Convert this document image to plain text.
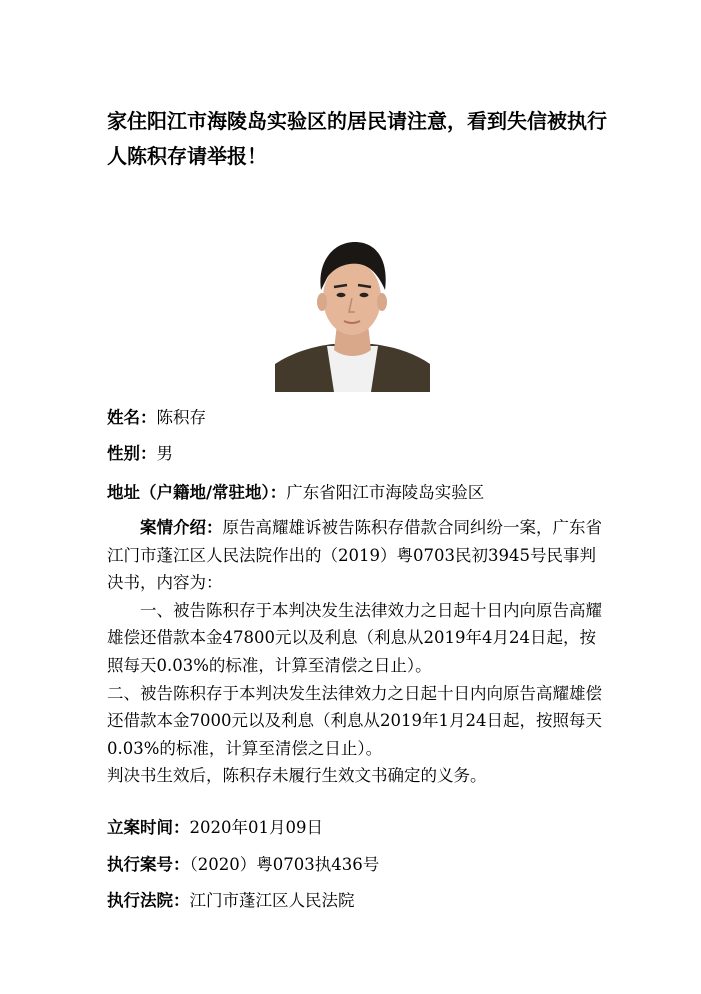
家住阳江市海陵岛实验区的居民请注意，看到失信被执行人陈积存请举报！
姓名：陈积存
性别：男
地址（户籍地/常驻地）：广东省阳江市海陵岛实验区

案情介绍：原告高耀雄诉被告陈积存借款合同纠纷一案，广东省江门市蓬江区人民法院作出的（2019）粤0703民初3945号民事判决书，内容为：

一、被告陈积存于本判决发生法律效力之日起十日内向原告高耀雄偿还借款本金47800元以及利息（利息从2019年4月24日起，按照每天0.03%的标准，计算至清偿之日止）。

二、被告陈积存于本判决发生法律效力之日起十日内向原告高耀雄偿还借款本金7000元以及利息（利息从2019年1月24日起，按照每天0.03%的标准，计算至清偿之日止）。

判决书生效后，陈积存未履行生效文书确定的义务。

立案时间：2020年01月09日
执行案号：（2020）粤0703执436号
执行法院：江门市蓬江区人民法院
